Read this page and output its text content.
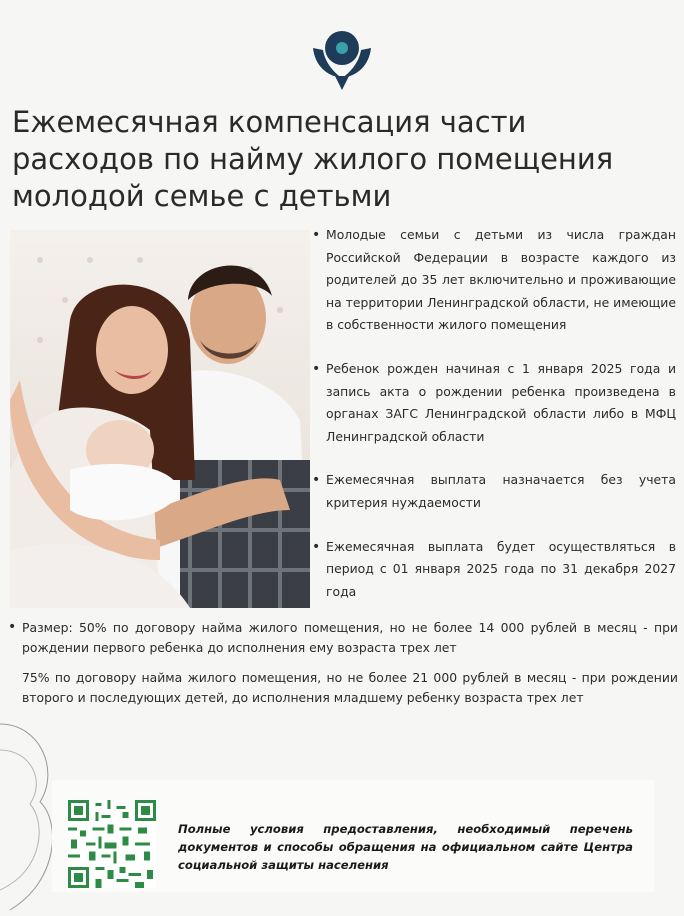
Ежемесячная компенсация части
расходов по найму жилого помещения
молодой семье с детьми
• Молодые семьи с детьми из числа граждан Российской Федерации в возрасте каждого из родителей до 35 лет включительно и проживающие на территории Ленинградской области, не имеющие в собственности жилого помещения
• Ребенок рожден начиная с 1 января 2025 года и запись акта о рождении ребенка произведена в органах ЗАГС Ленинградской области либо в МФЦ Ленинградской области
• Ежемесячная выплата назначается без учета критерия нуждаемости
• Ежемесячная выплата будет осуществляться в период с 01 января 2025 года по 31 декабря 2027 года
• Размер: 50% по договору найма жилого помещения, но не более 14 000 рублей в месяц - при рождении первого ребенка до исполнения ему возраста трех лет
75% по договору найма жилого помещения, но не более 21 000 рублей в месяц - при рождении второго и последующих детей, до исполнения младшему ребенку возраста трех лет
Полные условия предоставления, необходимый перечень документов и способы обращения на официальном сайте Центра социальной защиты населения
